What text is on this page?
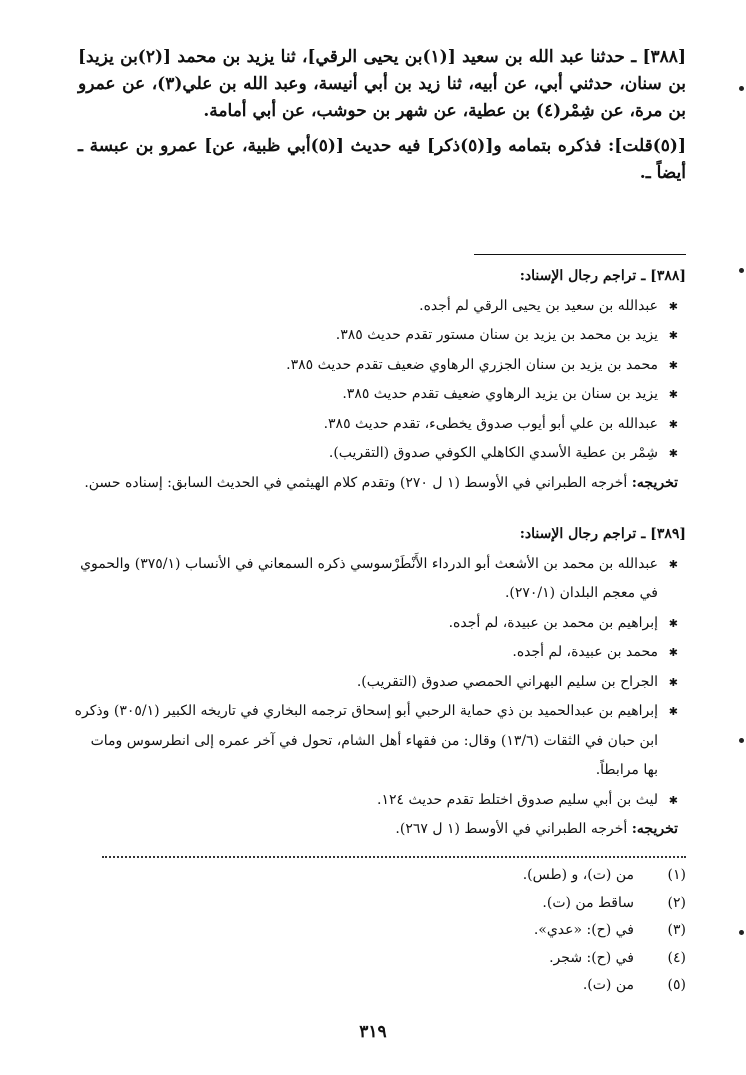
[٣٨٨] ـ حدثنا عبد الله بن سعيد [(١)بن يحيى الرقي]، ثنا يزيد بن محمد [(٢)بن يزيد] بن سنان، حدثني أبي، عن أبيه، ثنا زيد بن أبي أنيسة، وعبد الله بن علي(٣)، عن عمرو بن مرة، عن شِمْر(٤) بن عطية، عن شهر بن حوشب، عن أبي أمامة.

[(٥)قلت]: فذكره بتمامه و[(٥)ذكر] فيه حديث [(٥)أبي ظبية، عن] عمرو بن عبسة ـ أيضاً ـ.

[٣٨٨] ـ تراجم رجال الإسناد:
✱ عبدالله بن سعيد بن يحيى الرقي لم أجده.
✱ يزيد بن محمد بن يزيد بن سنان مستور تقدم حديث ٣٨٥.
✱ محمد بن يزيد بن سنان الجزري الرهاوي ضعيف تقدم حديث ٣٨٥.
✱ يزيد بن سنان بن يزيد الرهاوي ضعيف تقدم حديث ٣٨٥.
✱ عبدالله بن علي أبو أيوب صدوق يخطىء، تقدم حديث ٣٨٥.
✱ شِمْر بن عطية الأسدي الكاهلي الكوفي صدوق (التقريب).
تخريجه: أخرجه الطبراني في الأوسط (١ ل ٢٧٠) وتقدم كلام الهيثمي في الحديث السابق: إسناده حسن.
[٣٨٩] ـ تراجم رجال الإسناد:
✱ عبدالله بن محمد بن الأشعث أبو الدرداء الأَنْطَرْسوسي ذكره السمعاني في الأنساب (٣٧٥/١) والحموي في معجم البلدان (٢٧٠/١).
✱ إبراهيم بن محمد بن عبيدة، لم أجده.
✱ محمد بن عبيدة، لم أجده.
✱ الجراح بن سليم البهراني الحمصي صدوق (التقريب).
✱ إبراهيم بن عبدالحميد بن ذي حماية الرحبي أبو إسحاق ترجمه البخاري في تاريخه الكبير (٣٠٥/١) وذكره ابن حبان في الثقات (١٣/٦) وقال: من فقهاء أهل الشام، تحول في آخر عمره إلى انطرسوس ومات بها مرابطاً.
✱ ليث بن أبي سليم صدوق اختلط تقدم حديث ١٢٤.
تخريجه: أخرجه الطبراني في الأوسط (١ ل ٢٦٧).
(١)
من (ت)، و (طس).
(٢)
ساقط من (ت).
(٣)
في (ح): «عدي».
(٤)
في (ح): شجر.
(٥)
من (ت).
٣١٩
